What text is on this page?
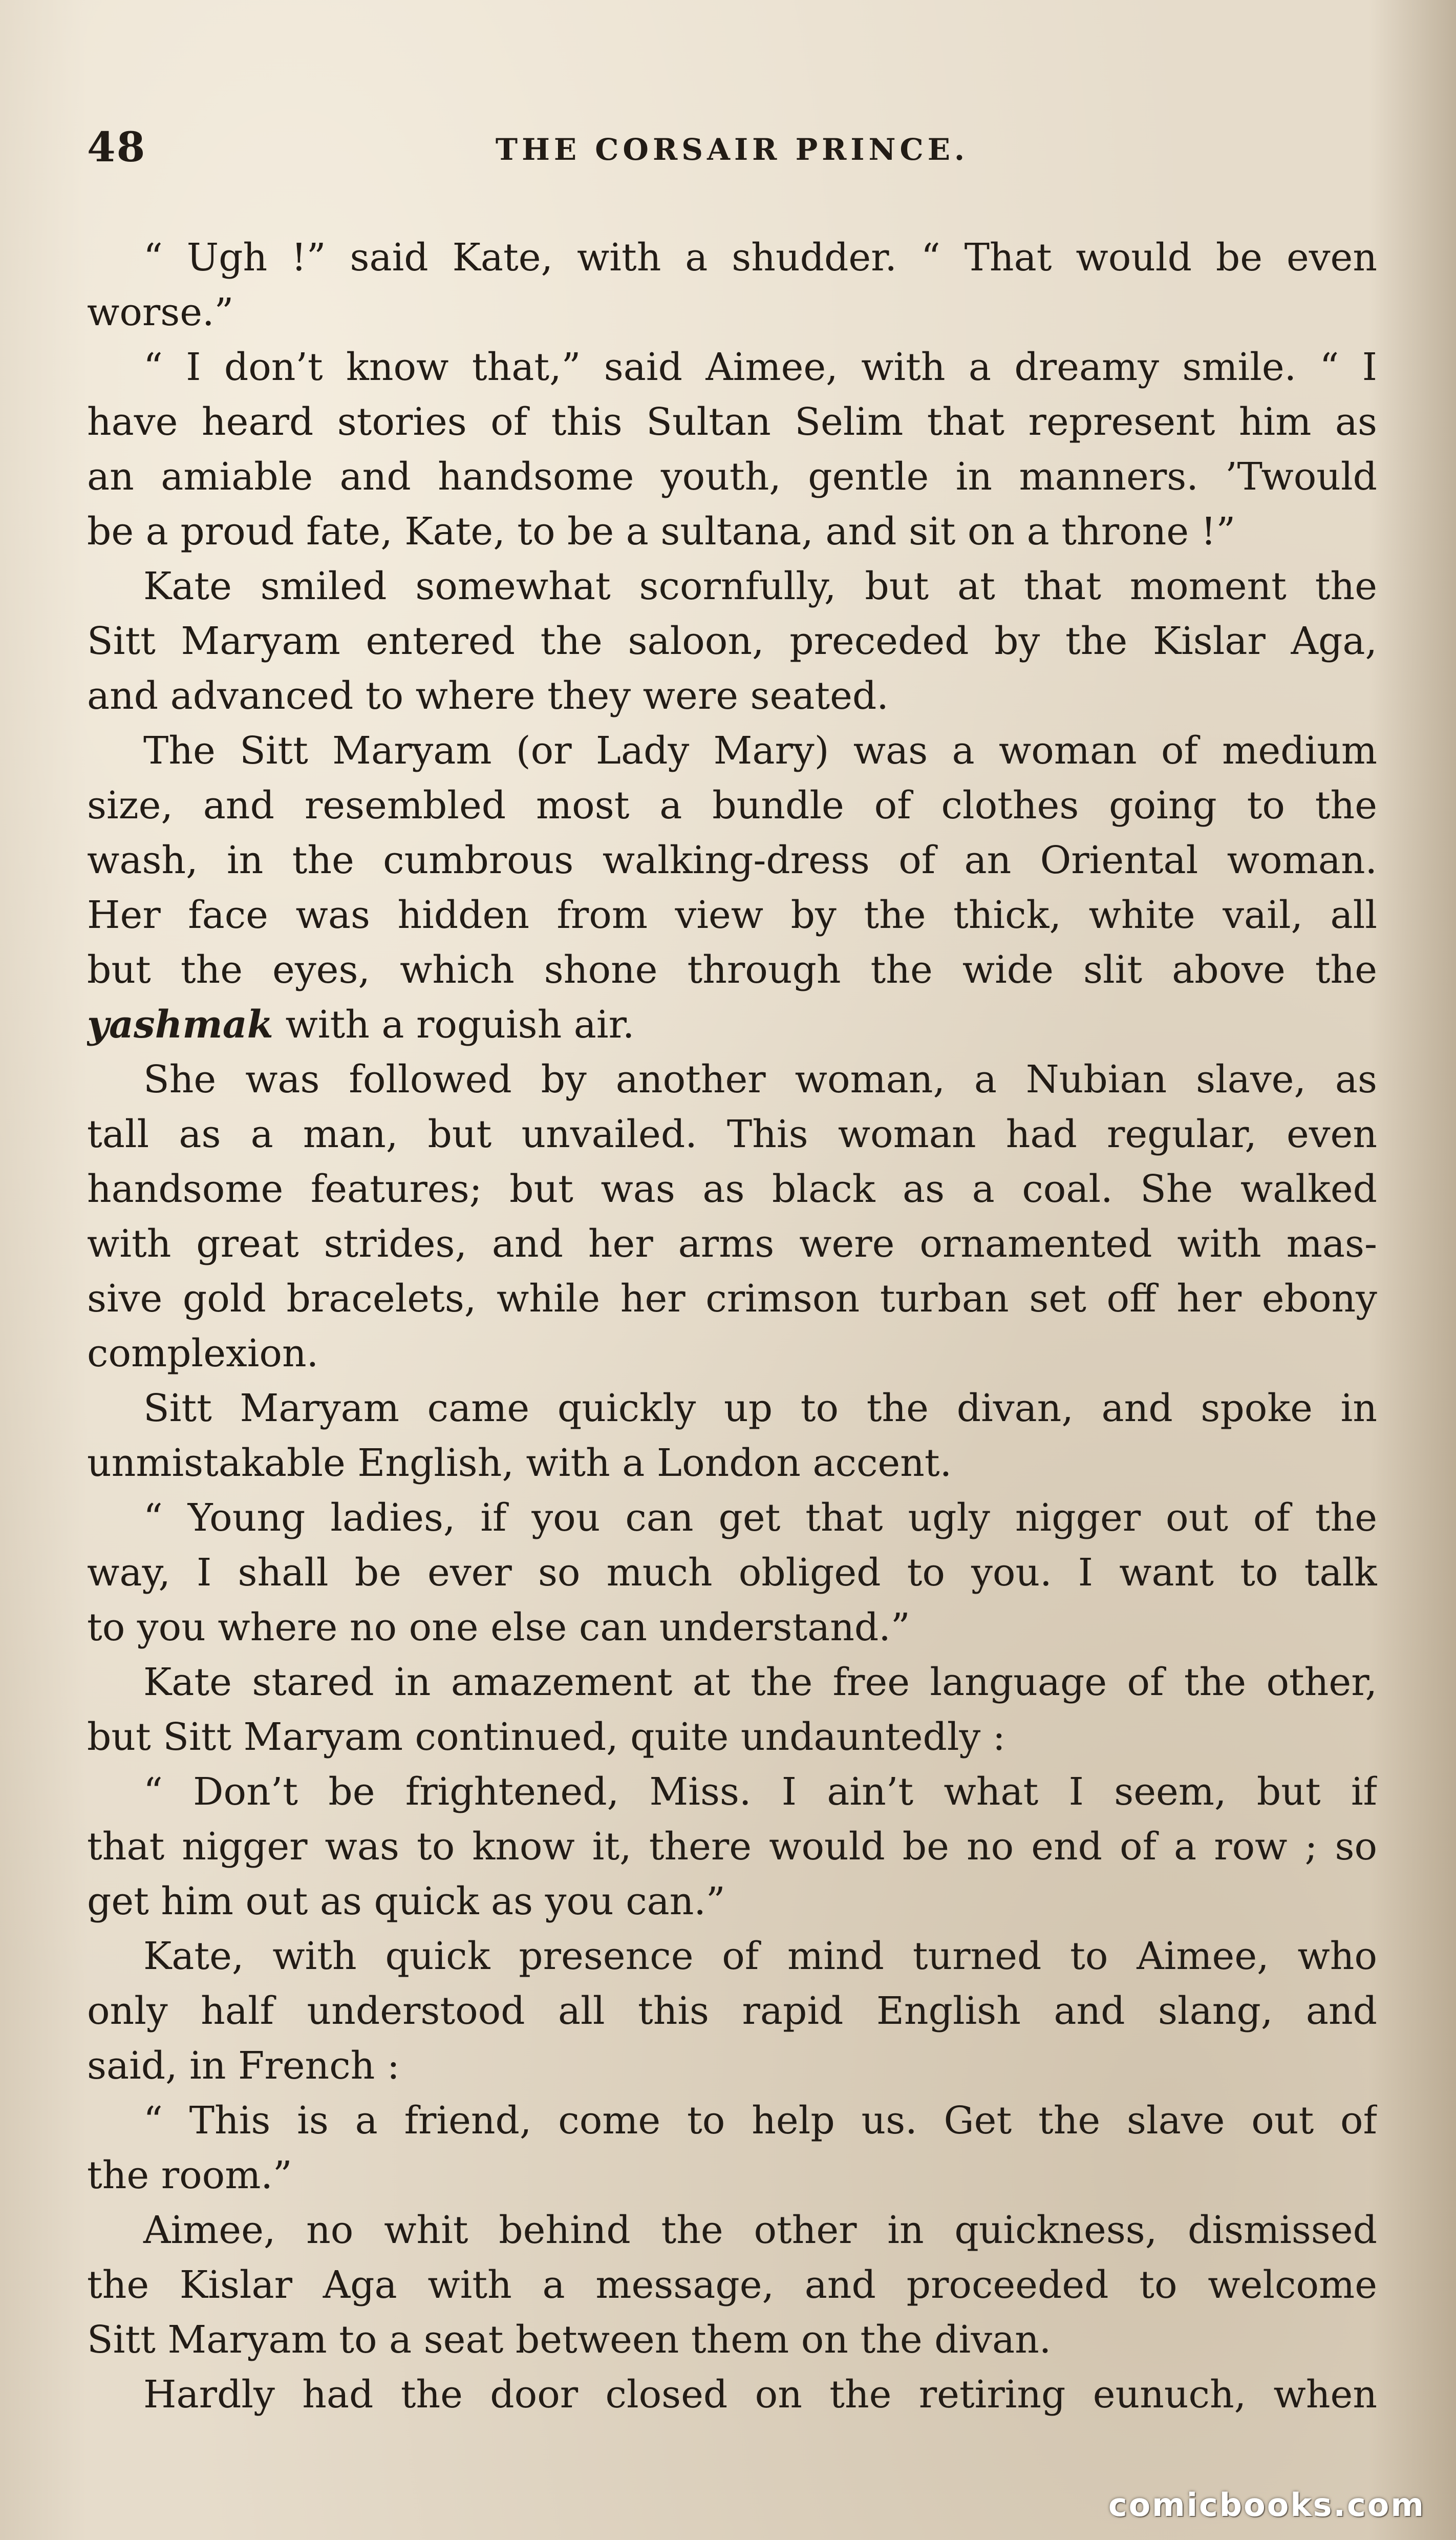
48	THE CORSAIR PRINCE.
“ Ugh !” said Kate, with a shudder. “ That would be even
worse.”
“ I don’t know that,” said Aimee, with a dreamy smile. “ I
have heard stories of this Sultan Selim that represent him as
an amiable and handsome youth, gentle in manners. ’Twould
be a proud fate, Kate, to be a sultana, and sit on a throne !”
Kate smiled somewhat scornfully, but at that moment the
Sitt Maryam entered the saloon, preceded by the Kislar Aga,
and advanced to where they were seated.
The Sitt Maryam (or Lady Mary) was a woman of medium
size, and resembled most a bundle of clothes going to the
wash, in the cumbrous walking-dress of an Oriental woman.
Her face was hidden from view by the thick, white vail, all
but the eyes, which shone through the wide slit above the
yashmak with a roguish air.
She was followed by another woman, a Nubian slave, as
tall as a man, but unvailed. This woman had regular, even
handsome features; but was as black as a coal. She walked
with great strides, and her arms were ornamented with mas-
sive gold bracelets, while her crimson turban set off her ebony
complexion.
Sitt Maryam came quickly up to the divan, and spoke in
unmistakable English, with a London accent.
“ Young ladies, if you can get that ugly nigger out of the
way, I shall be ever so much obliged to you. I want to talk
to you where no one else can understand.”
Kate stared in amazement at the free language of the other,
but Sitt Maryam continued, quite undauntedly :
“ Don’t be frightened, Miss. I ain’t what I seem, but if
that nigger was to know it, there would be no end of a row ; so
get him out as quick as you can.”
Kate, with quick presence of mind turned to Aimee, who
only half understood all this rapid English and slang, and
said, in French :
“ This is a friend, come to help us. Get the slave out of
the room.”
Aimee, no whit behind the other in quickness, dismissed
the Kislar Aga with a message, and proceeded to welcome
Sitt Maryam to a seat between them on the divan.
Hardly had the door closed on the retiring eunuch, when
comicbooks.com
